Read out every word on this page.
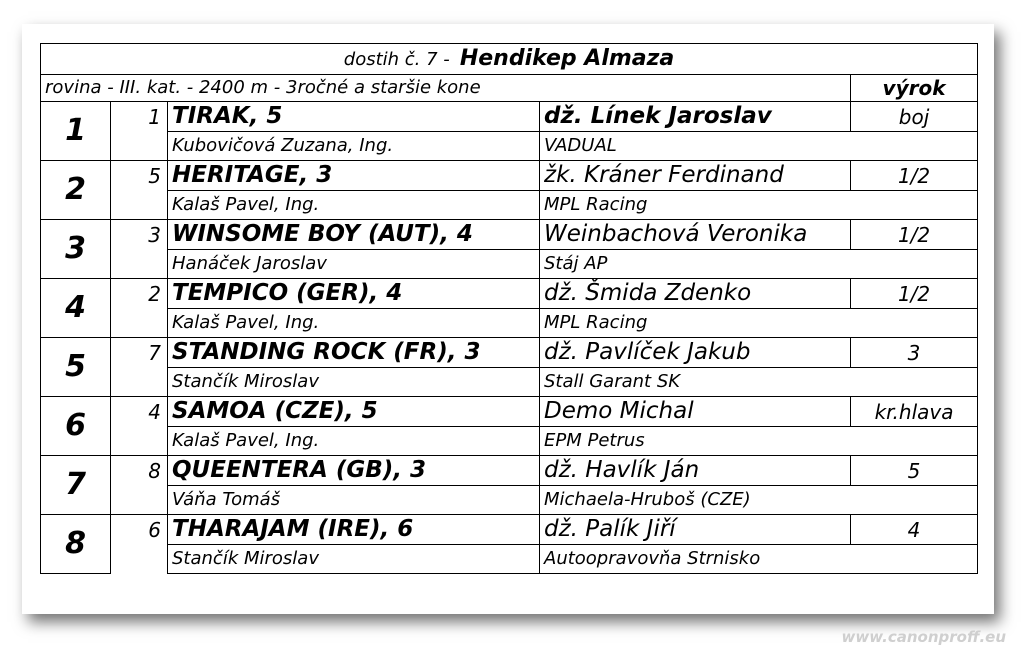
dostih č. 7 - Hendikep Almaza				
rovina - III. kat. - 2400 m - 3ročné a staršie kone				výrok
1	1	TIRAK, 5	dž. Línek Jaroslav	boj
		Kubovičová Zuzana, Ing.	VADUAL	
2	5	HERITAGE, 3	žk. Kráner Ferdinand	1/2
		Kalaš Pavel, Ing.	MPL Racing	
3	3	WINSOME BOY (AUT), 4	Weinbachová Veronika	1/2
		Hanáček Jaroslav	Stáj AP	
4	2	TEMPICO (GER), 4	dž. Šmida Zdenko	1/2
		Kalaš Pavel, Ing.	MPL Racing	
5	7	STANDING ROCK (FR), 3	dž. Pavlíček Jakub	3
		Stančík Miroslav	Stall Garant SK	
6	4	SAMOA (CZE), 5	Demo Michal	kr.hlava
		Kalaš Pavel, Ing.	EPM Petrus	
7	8	QUEENTERA (GB), 3	dž. Havlík Ján	5
		Váňa Tomáš	Michaela-Hruboš (CZE)	
8	6	THARAJAM (IRE), 6	dž. Palík Jiří	4
		Stančík Miroslav	Autoopravovňa Strnisko	
www.canonproff.eu
